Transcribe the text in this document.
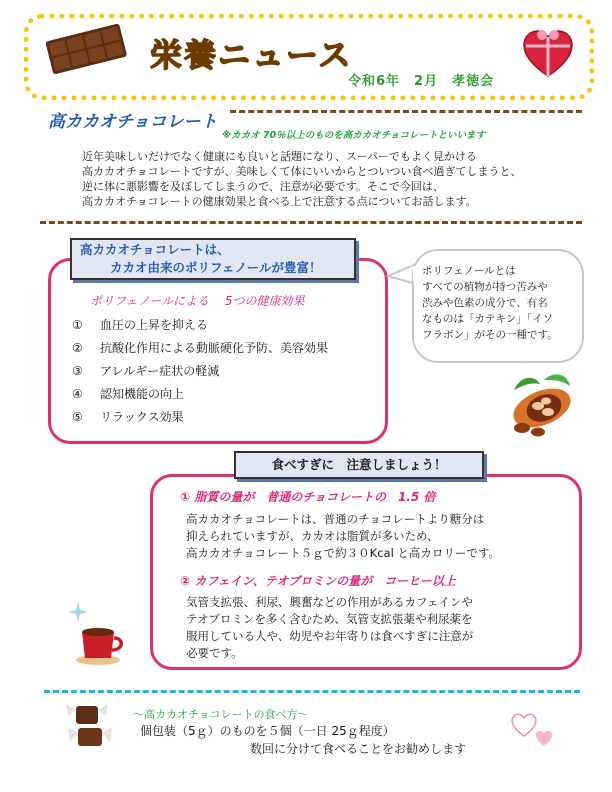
栄養ニュース
令和6年　2月　孝徳会
高カカオチョコレート
※カカオ 70％以上のものを高カカオチョコレートといいます
近年美味しいだけでなく健康にも良いと話題になり、スーパーでもよく見かける
高カカオチョコレートですが、美味しくて体にいいからとついつい食べ過ぎてしまうと、
逆に体に悪影響を及ぼしてしまうので、注意が必要です。そこで今回は、
高カカオチョコレートの健康効果と食べる上で注意する点についてお話します。
高カカオチョコレートは、
カカオ由来のポリフェノールが豊富！
ポリフェノールによる　 5つの健康効果
① 血圧の上昇を抑える
② 抗酸化作用による動脈硬化予防、美容効果
③ アレルギー症状の軽減
④ 認知機能の向上
⑤ リラックス効果
ポリフェノールとは
すべての植物が持つ苦みや
渋みや色素の成分で、有名
なものは「カテキン」「イソ
フラボン」がその一種です。
食べすぎに　注意しましょう！
① 脂質の量が　普通のチョコレートの　1.5 倍
高カカオチョコレートは、普通のチョコレートより糖分は
抑えられていますが、カカオは脂質が多いため、
高カカオチョコレート５ｇで約３０Kcal と高カロリーです。
② カフェイン、テオブロミンの量が　コーヒー以上
気管支拡張、利尿、興奮などの作用があるカフェインや
テオブロミンを多く含むため、気管支拡張薬や利尿薬を
服用している人や、幼児やお年寄りは食べすぎに注意が
必要です。
～高カカオチョコレートの食べ方～
個包装（5ｇ）のものを５個（一日 25ｇ程度）
数回に分けて食べることをお勧めします
